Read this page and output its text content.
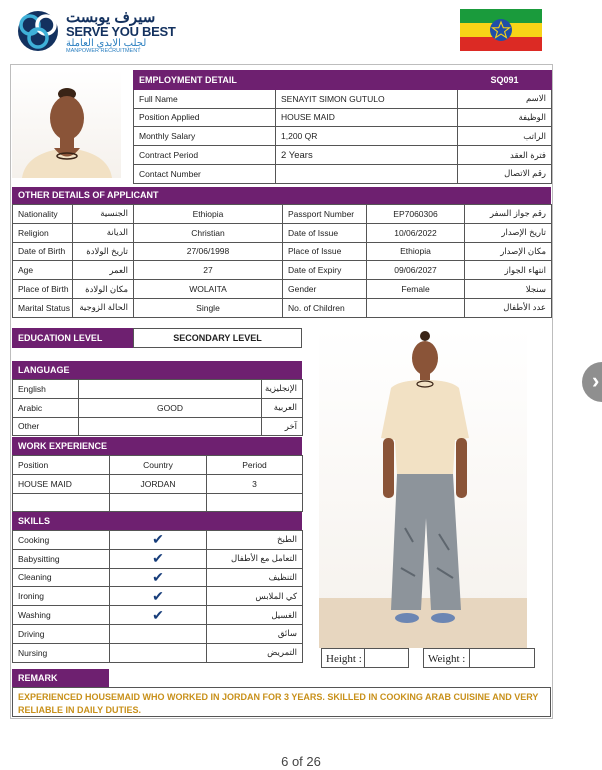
سيرف يوبست
SERVE YOU BEST
لجلب الايدي العاملة
MANPOWER RECRUITMENT
EMPLOYMENT DETAIL		SQ091
Full Name	SENAYIT SIMON GUTULO	الاسم
Position Applied	HOUSE MAID	الوظيفة
Monthly Salary	1,200 QR	الراتب
Contract Period	2 Years	فترة العقد
Contact Number		رقم الاتصال
OTHER DETAILS OF APPLICANT
Nationality	الجنسية	Ethiopia	Passport Number	EP7060306	رقم جواز السفر
Religion	الديانة	Christian	Date of Issue	10/06/2022	تاريخ الإصدار
Date of Birth	تاريخ الولادة	27/06/1998	Place of Issue	Ethiopia	مكان الإصدار
Age	العمر	27	Date of Expiry	09/06/2027	انتهاء الجواز
Place of Birth	مكان الولادة	WOLAITA	Gender	Female	سنجلا
Marital Status	الحالة الزوجية	Single	No. of Children		عدد الأطفال
EDUCATION LEVEL	SECONDARY LEVEL
LANGUAGE
English		الإنجليزية
Arabic	GOOD	العربية
Other		آخر
WORK EXPERIENCE
Position	Country	Period
HOUSE MAID	JORDAN	3

SKILLS
Cooking	✔	الطبخ
Babysitting	✔	التعامل مع الأطفال
Cleaning	✔	التنظيف
Ironing	✔	كي الملابس
Washing	✔	الغسيل
Driving		سائق
Nursing		التمريض
Height :	Weight :
REMARK
EXPERIENCED HOUSEMAID WHO WORKED IN JORDAN FOR 3 YEARS. SKILLED IN COOKING ARAB CUISINE AND VERY RELIABLE IN DAILY DUTIES.
›
6 of 26
